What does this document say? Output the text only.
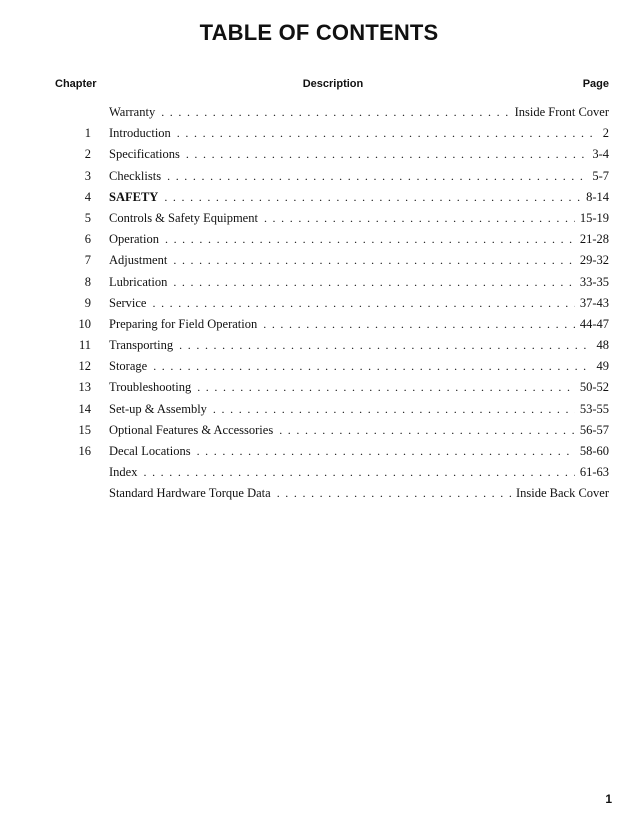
TABLE OF CONTENTS
Chapter	Description	Page
Warranty . . .	Inside Front Cover
1 Introduction . . .	2
2 Specifications . . .	3-4
3 Checklists . . .	5-7
4 SAFETY . . .	8-14
5 Controls & Safety Equipment . . .	15-19
6 Operation . . .	21-28
7 Adjustment . . .	29-32
8 Lubrication . . .	33-35
9 Service . . .	37-43
10 Preparing for Field Operation . . .	44-47
11 Transporting . . .	48
12 Storage . . .	49
13 Troubleshooting . . .	50-52
14 Set-up & Assembly . . .	53-55
15 Optional Features & Accessories . . .	56-57
16 Decal Locations . . .	58-60
Index . . .	61-63
Standard Hardware Torque Data . . .	Inside Back Cover
1
